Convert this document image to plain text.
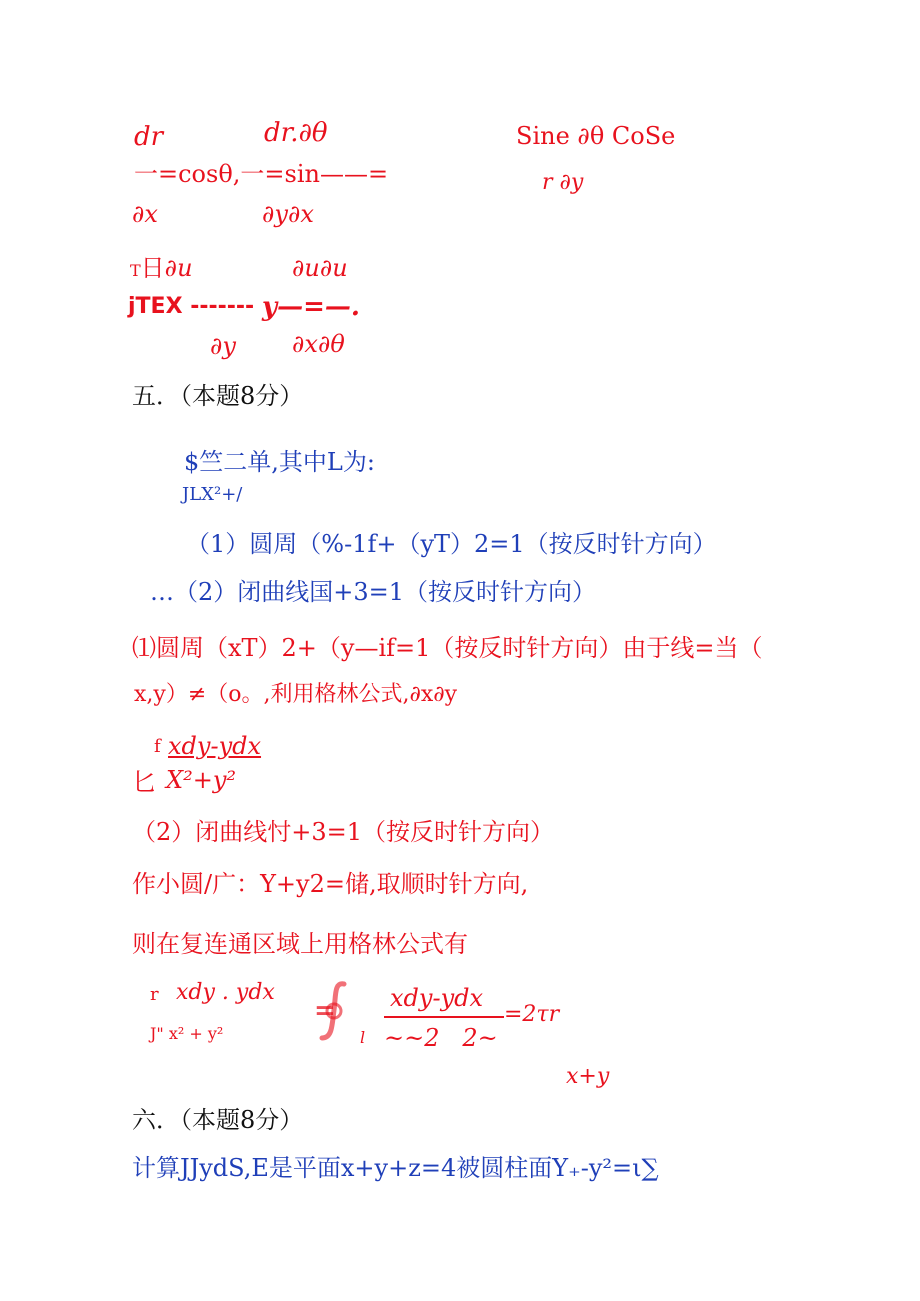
dr	dr.∂θ	Sine ∂θ CoSe
一=cosθ,一=sin——=	r ∂y
∂x	∂y∂x
T日∂u	∂u∂u
jTEX ------- y—=—.
∂y ∂x∂θ
五．（本题8分）
$竺二单,其中L为:
JLX²+/
（1）圆周（%-1f+（yT）2=1（按反时针方向）
…（2）闭曲线国+3=1（按反时针方向）
⑴圆周（xT）2+（y—if=1（按反时针方向）由于线=当（
x,y）≠（o。,利用格林公式,∂x∂y
f xdy-ydx
匕 X²+y²
（2）闭曲线忖+3=1（按反时针方向）
作小圆/广：Y+y2=储,取顺时针方向,
则在复连通区域上用格林公式有
r xdy . ydx
J" x² + y²
=
l
xdy-ydx
~~2   2~
=2τr
x+y
六．（本题8分）
计算JJydS,E是平面x+y+z=4被圆柱面Y₊-y²=ι∑
